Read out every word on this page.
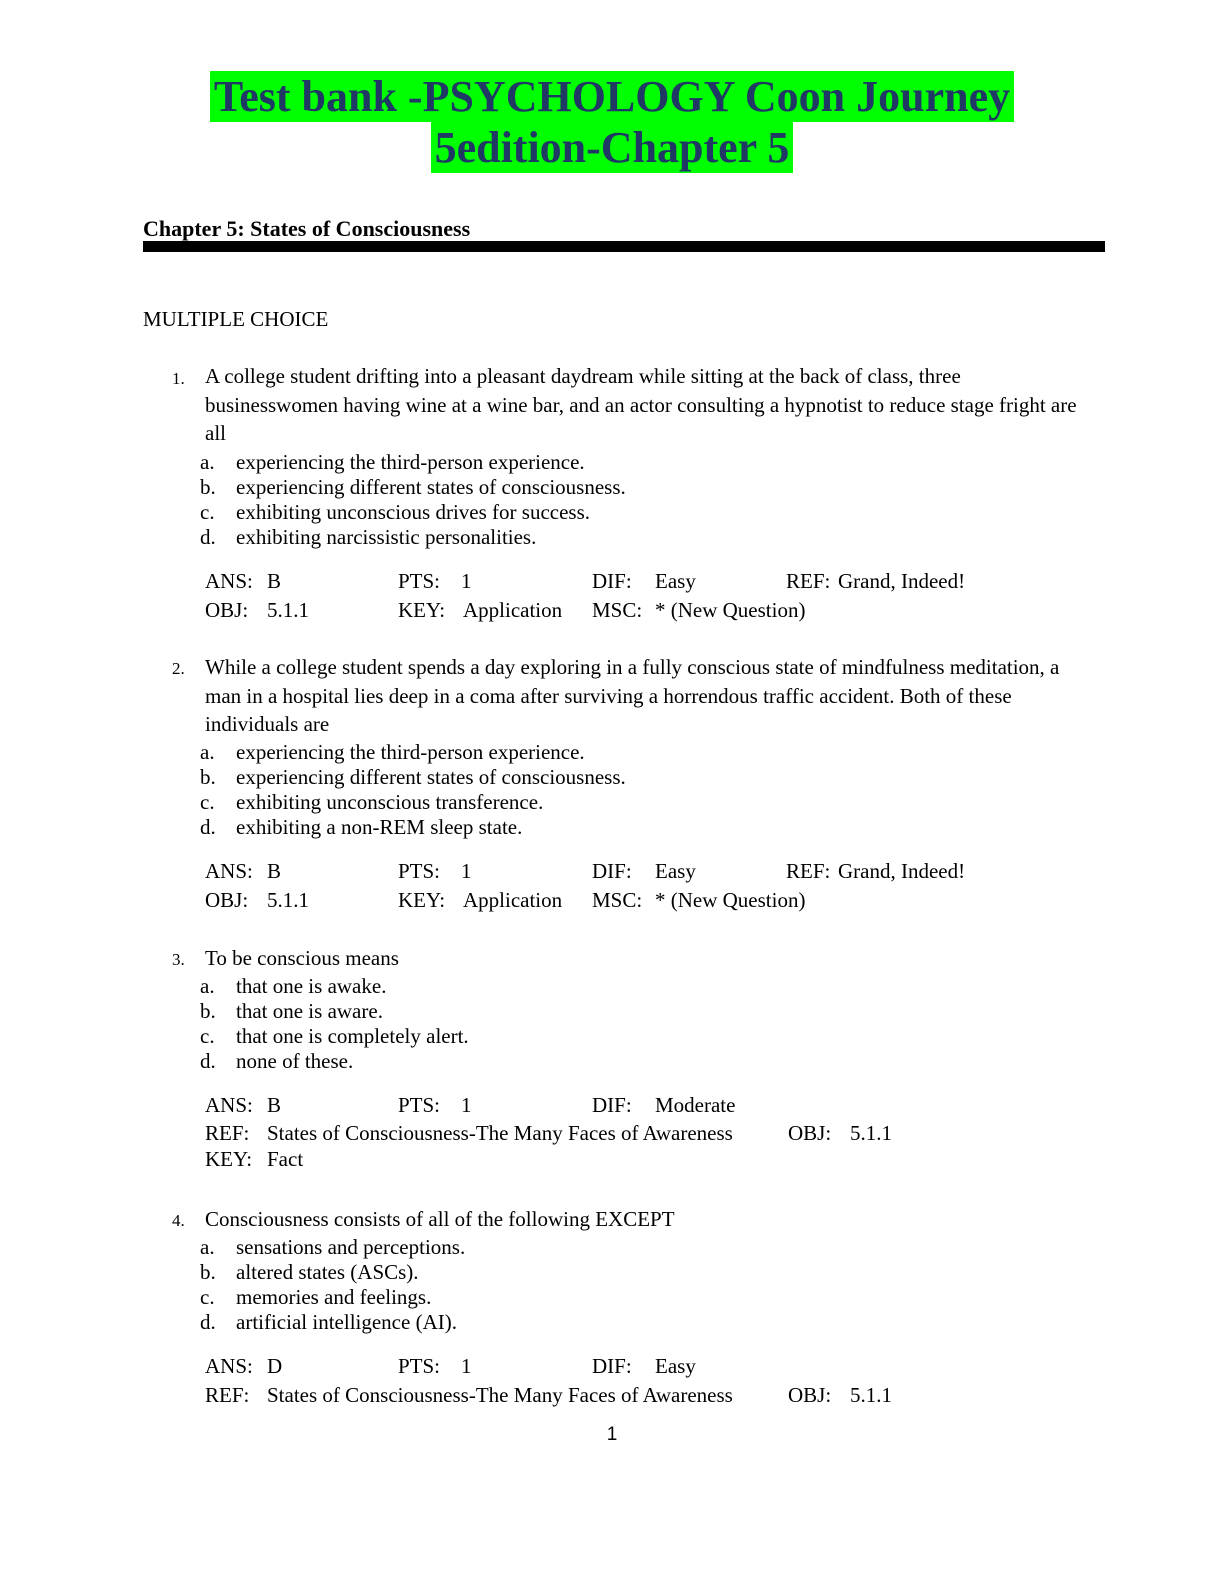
Test bank -PSYCHOLOGY Coon Journey
5edition-Chapter 5
Chapter 5: States of Consciousness
MULTIPLE CHOICE
1. A college student drifting into a pleasant daydream while sitting at the back of class, three businesswomen having wine at a wine bar, and an actor consulting a hypnotist to reduce stage fright are all
a. experiencing the third-person experience.
b. experiencing different states of consciousness.
c. exhibiting unconscious drives for success.
d. exhibiting narcissistic personalities.
ANS: B	PTS: 1	DIF: Easy	REF: Grand, Indeed!
OBJ: 5.1.1	KEY: Application MSC: * (New Question)
2. While a college student spends a day exploring in a fully conscious state of mindfulness meditation, a man in a hospital lies deep in a coma after surviving a horrendous traffic accident. Both of these individuals are
a. experiencing the third-person experience.
b. experiencing different states of consciousness.
c. exhibiting unconscious transference.
d. exhibiting a non-REM sleep state.
ANS: B	PTS: 1	DIF: Easy	REF: Grand, Indeed!
OBJ: 5.1.1	KEY: Application MSC: * (New Question)
3. To be conscious means
a. that one is awake.
b. that one is aware.
c. that one is completely alert.
d. none of these.
ANS: B	PTS: 1	DIF: Moderate
REF: States of Consciousness-The Many Faces of Awareness	OBJ: 5.1.1
KEY: Fact
4. Consciousness consists of all of the following EXCEPT
a. sensations and perceptions.
b. altered states (ASCs).
c. memories and feelings.
d. artificial intelligence (AI).
ANS: D	PTS: 1	DIF: Easy
REF: States of Consciousness-The Many Faces of Awareness	OBJ: 5.1.1
1
